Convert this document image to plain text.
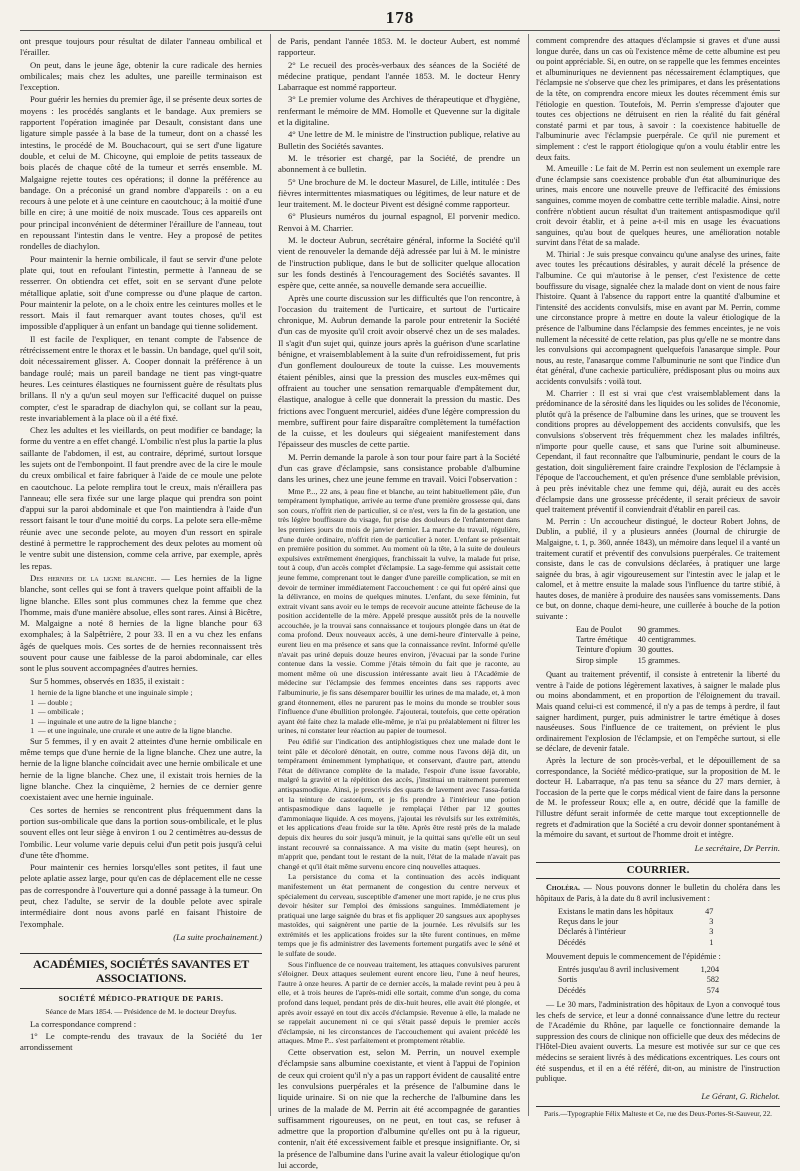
178

ont presque toujours pour résultat de dilater l'anneau ombilical et l'érailler.

On peut, dans le jeune âge, obtenir la cure radicale des hernies ombilicales; mais chez les adultes, une pareille terminaison est l'exception.

Pour guérir les hernies du premier âge, il se présente deux sortes de moyens : les procédés sanglants et le bandage. Aux premiers se rapportent l'opération imaginée par Desault, consistant dans une ligature simple passée à la base de la tumeur, dont on a chassé les intestins, le procédé de M. Bouchacourt, qui se sert d'une ligature double, et celui de M. Chicoyne, qui emploie de petits tasseaux de bois placés de chaque côté de la tumeur et serrés ensemble. M. Malgaigne rejette toutes ces opérations; il donne la préférence au bandage. On a préconisé un grand nombre d'appareils : on a eu recours à une pelote et à une ceinture en caoutchouc; à la moitié d'une bille en cire; à une moitié de noix muscade. Tous ces appareils ont pour principal inconvénient de déterminer l'éraillure de l'anneau, tout en repoussant l'intestin dans le ventre. Hey a proposé de petites rondelles de diachylon.

Pour maintenir la hernie ombilicale, il faut se servir d'une pelote plate qui, tout en refoulant l'intestin, permette à l'anneau de se resserrer. On obtiendra cet effet, soit en se servant d'une pelote métallique aplatie, soit d'une compresse ou d'une plaque de carton. Pour maintenir la pelote, on a le choix entre les ceintures molles et le ressort. Mais il faut remarquer avant toutes choses, qu'il est impossible d'appliquer à un enfant un bandage qui tienne solidement.

Il est facile de l'expliquer, en tenant compte de l'absence de rétrécissement entre le thorax et le bassin. Un bandage, quel qu'il soit, doit nécessairement glisser. A. Cooper donnait la préférence à un bandage roulé; mais un pareil bandage ne tient pas vingt-quatre heures. Les ceintures élastiques ne fournissent guère de résultats plus brillans. Il n'y a qu'un seul moyen sur l'efficacité duquel on puisse compter, c'est le sparadrap de diachylon qui, se collant sur la peau, reste invariablement à la place où il a été fixé.

Chez les adultes et les vieillards, on peut modifier ce bandage; la forme du ventre a en effet changé. L'ombilic n'est plus la partie la plus saillante de l'abdomen, il est, au contraire, déprimé, surtout lorsque les sujets ont de l'embonpoint. Il faut prendre avec de la cire le moule du creux ombilical et faire fabriquer à l'aide de ce moule une pelote en caoutchouc. La pelote remplira tout le creux, mais n'éraillera pas l'anneau; elle sera fixée sur une large plaque qui prendra son point d'appui sur la paroi abdominale et que l'on maintiendra à l'aide d'un ressort faisant le tour d'une moitié du corps. La pelote sera elle-même réunie avec une seconde pelote, au moyen d'un ressort en spirale destiné à permettre le rapprochement des deux pelotes au moment où le ventre subit une distension, comme cela arrive, par exemple, après les repas.

Des hernies de la ligne blanche. — Les hernies de la ligne blanche, sont celles qui se font à travers quelque point affaibli de la ligne blanche. Elles sont plus communes chez la femme que chez l'homme, mais d'une manière absolue, elles sont rares. Ainsi à Bicêtre, M. Malgaigne a noté 8 hernies de la ligne blanche pour 63 exomphales; à la Salpêtrière, 2 pour 33. Il en a vu chez les enfans âgés de quelques mois. Ces sortes de de hernies reconnaissent très souvent pour cause une faiblesse de la paroi abdominale, car elles sont le plus souvent accompagnées d'autres hernies.

Sur 5 hommes, observés en 1835, il existait :

1 hernie de la ligne blanche et une inguinale simple ;
1 — double ;
1 — ombilicale ;
1 — inguinale et une autre de la ligne blanche ;
1 — et une inguinale, une crurale et une autre de la ligne blanche.

Sur 5 femmes, il y en avait 2 atteintes d'une hernie ombilicale en même temps que d'une hernie de la ligne blanche. Chez une autre, la hernie de la ligne blanche coïncidait avec une hernie ombilicale et une hernie de la ligne blanche. Chez une, il existait trois hernies de la ligne blanche. Chez la cinquième, 2 hernies de ce dernier genre coexistaient avec une hernie inguinale.

Ces sortes de hernies se rencontrent plus fréquemment dans la portion sus-ombilicale que dans la portion sous-ombilicale, et le plus souvent elles ont leur siège à environ 1 ou 2 centimètres au-dessus de l'ombilic. Leur volume varie depuis celui d'un petit pois jusqu'à celui d'une tête d'homme.

Pour maintenir ces hernies lorsqu'elles sont petites, il faut une pelote aplatie assez large, pour qu'en cas de déplacement elle ne cesse pas de correspondre à l'ouverture qui a donné passage à la tumeur. On peut, chez l'adulte, se servir de la double pelote avec spirale intermédiaire dont nous avons parlé en faisant l'histoire de l'exomphale.

(La suite prochainement.)
ACADÉMIES, SOCIÉTÉS SAVANTES ET ASSOCIATIONS.
SOCIÉTÉ MÉDICO-PRATIQUE DE PARIS.
Séance de Mars 1854. — Présidence de M. le docteur Dreyfus.

La correspondance comprend :

1° Le compte-rendu des travaux de la Société du 1er arrondissement

de Paris, pendant l'année 1853. M. le docteur Aubert, est nommé rapporteur.

2° Le recueil des procès-verbaux des séances de la Société de médecine pratique, pendant l'année 1853. M. le docteur Henry Labarraque est nommé rapporteur.

3° Le premier volume des Archives de thérapeutique et d'hygiène, renfermant le mémoire de MM. Homolle et Quevenne sur la digitale et la digitaline.

4° Une lettre de M. le ministre de l'instruction publique, relative au Bulletin des Sociétés savantes.

M. le trésorier est chargé, par la Société, de prendre un abonnement à ce bulletin.

5° Une brochure de M. le docteur Masurel, de Lille, intitulée : Des fièvres intermittentes miasmatiques ou légitimes, de leur nature et de leur traitement. M. le docteur Pivent est désigné comme rapporteur.

6° Plusieurs numéros du journal espagnol, El porvenir medico. Renvoi à M. Charrier.

M. le docteur Aubrun, secrétaire général, informe la Société qu'il vient de renouveler la demande déjà adressée par lui à M. le ministre de l'instruction publique, dans le but de solliciter quelque allocation sur les fonds destinés à l'encouragement des Sociétés savantes. Il espère que, cette année, sa nouvelle demande sera accueillie.

Après une courte discussion sur les difficultés que l'on rencontre, à l'occasion du traitement de l'urticaire, et surtout de l'urticaire chronique, M. Aubrun demande la parole pour entretenir la Société d'un cas de myosite qu'il croit avoir observé chez un de ses malades. Il s'agit d'un sujet qui, quinze jours après la guérison d'une scarlatine bénigne, et vraisemblablement à la suite d'un refroidissement, fut pris d'un gonflement douloureux de toute la cuisse. Les mouvements étaient pénibles, ainsi que la pression des muscles eux-mêmes qui offraient au toucher une sensation remarquable d'empâtement dur, élastique, analogue à celle que donnerait la pression du mastic. Des frictions avec l'onguent mercuriel, aidées d'une légère compression du membre, suffirent pour faire disparaître complètement la tuméfaction de la cuisse, et les douleurs qui siégeaient manifestement dans l'épaisseur des muscles de cette partie.

M. Perrin demande la parole à son tour pour faire part à la Société d'un cas grave d'éclampsie, sans consistance probable d'albumine dans les urines, chez une jeune femme en travail. Voici l'observation :

Mme P..., 22 ans, à peau fine et blanche, au teint habituellement pâle, d'un tempérament lymphatique, arrivée au terme d'une première grossesse qui, dans son cours, n'offrit rien de particulier, si ce n'est, vers la fin de la gestation, une très légère bouffissure du visage, fut prise des douleurs de l'enfantement dans les premiers jours du mois de janvier dernier. La marche du travail, régulière, d'une durée ordinaire, n'offrit rien de particulier à noter. L'enfant se présentait en première position du sommet. Au moment où la tête, à la suite de douleurs expulsives extrêmement énergiques, franchissait la vulve, la malade fut prise, tout à coup, d'un accès complet d'éclampsie. La sage-femme qui assistait cette jeune femme, comprenant tout le danger d'une pareille complication, se mit en devoir de terminer immédiatement l'accouchement : ce qui fut opéré ainsi que la délivrance, en moins de quelques minutes. L'enfant, du sexe féminin, fut extrait vivant sans avoir eu le temps de recevoir aucune atteinte fâcheuse de la position accidentelle de la mère. Appelé presque aussitôt près de la nouvelle accouchée, je la trouvai sans connaissance et toujours plongée dans un état de coma profond. Deux nouveaux accès, à une demi-heure d'intervalle à peine, eurent lieu en ma présence et sans que la connaissance revînt. Informé qu'elle n'avait pas uriné depuis douze heures environ, j'évacuai par la sonde l'urine contenue dans la vessie. Comme j'étais témoin du fait que je raconte, au moment même où une discussion intéressante avait lieu à l'Académie de médecine sur l'éclampsie des femmes enceintes dans ses rapports avec l'albuminurie, je fis sans désemparer bouillir les urines de ma malade, et, à mon grand étonnement, elles ne parurent pas le moins du monde se troubler sous l'influence d'une ébullition prolongée. J'ajouterai, toutefois, que cette opération ayant été faite chez la malade elle-même, je n'ai pu préalablement ni filtrer les urines, ni constater leur réaction au papier de tournesol.

Peu édifié sur l'indication des antiphlogistiques chez une malade dont le teint pâle et décoloré dénotait, en outre, comme nous l'avons déjà dit, un tempérament éminemment lymphatique, et conservant, d'autre part, attendu l'état de délivrance complète de la malade, l'espoir d'une issue favorable, malgré la gravité et la répétition des accès, j'instituai un traitement purement antispasmodique. Ainsi, je prescrivis des quarts de lavement avec l'assa-fœtida et la teinture de castoréum, et je fis prendre à l'intérieur une potion antispasmodique dans laquelle je remplaçai l'éther par 12 gouttes d'ammoniaque liquide. A ces moyens, j'ajoutai les révulsifs sur les extrémités, et les applications d'eau froide sur la tête. Après être resté près de la malade depuis dix heures du soir jusqu'à minuit, je la quittai sans qu'elle eût un seul instant recouvré sa connaissance. A ma visite du matin (sept heures), on m'apprit que, pendant tout le restant de la nuit, l'état de la malade n'avait pas changé et qu'il était même survenu encore cinq nouvelles attaques.

La persistance du coma et la continuation des accès indiquant manifestement un état permanent de congestion du centre nerveux et spécialement du cerveau, susceptible d'amener une mort rapide, je ne crus plus devoir hésiter sur l'emploi des émissions sanguines. Immédiatement je pratiquai une large saignée du bras et fis appliquer 20 sangsues aux apophyses mastoïdes, qui saignèrent une partie de la journée. Les révulsifs sur les extrémités et les applications froides sur la tête furent continues, en même temps que je fis administrer des lavements fortement purgatifs avec le séné et le sulfate de soude.

Sous l'influence de ce nouveau traitement, les attaques convulsives parurent s'éloigner. Deux attaques seulement eurent encore lieu, l'une à neuf heures, l'autre à onze heures. A partir de ce dernier accès, la malade revint peu à peu à elle, et à trois heures de l'après-midi elle sortait, comme d'un songe, du coma profond dans lequel, pendant près de dix-huit heures, elle avait été plongée, et après avoir essayé en tout dix accès d'éclampsie. Revenue à elle, la malade ne se rappelait aucunement ni ce qui s'était passé depuis le premier accès d'éclampsie, ni les circonstances de l'accouchement qui avaient précédé les attaques. Mme P... s'est parfaitement et promptement rétablie.

Cette observation est, selon M. Perrin, un nouvel exemple d'éclampsie sans albumine coexistante, et vient à l'appui de l'opinion de ceux qui croient qu'il n'y a pas un rapport évident de causalité entre les convulsions puerpérales et la présence de l'albumine dans le liquide urinaire. Si on nie que la recherche de l'albumine dans les urines de la malade de M. Perrin ait été accompagnée de garanties suffisamment rigoureuses, on ne peut, en tout cas, se refuser à admettre que la proportion d'albumine qu'elles ont pu à la rigueur, contenir, n'ait été excessivement faible et presque insignifiante. Or, si la présence de l'albumine dans l'urine avait la valeur étiologique qu'on lui accorde,

comment comprendre des attaques d'éclampsie si graves et d'une aussi longue durée, dans un cas où l'existence même de cette albumine est peu ou point appréciable. Si, en outre, on se rappelle que les femmes enceintes et albuminuriques ne deviennent pas nécessairement éclamptiques, que l'éclampsie ne s'observe que chez les primipares, et dans les présentations de la tête, on comprendra encore mieux les doutes récemment émis sur l'étiologie en question. Toutefois, M. Perrin s'empresse d'ajouter que toutes ces objections ne détruisent en rien la réalité du fait général constaté parmi et par tous, à savoir : la coexistence habituelle de l'albuminurie avec l'éclampsie puerpérale. Ce qu'il nie purement et simplement : c'est le rapport étiologique qu'on a voulu établir entre les deux faits.

M. Ameuille : Le fait de M. Perrin est non seulement un exemple rare d'une éclampsie sans coexistence probable d'un état albuminurique des urines, mais encore une nouvelle preuve de l'efficacité des émissions sanguines, comme moyen de combattre cette terrible maladie. Ainsi, notre confrère n'obtient aucun résultat d'un traitement antispasmodique qu'il croit devoir établir, et à peine a-t-il mis en usage les évacuations sanguines, qu'au bout de quelques heures, une amélioration notable survint dans l'état de sa malade.

M. Thirial : Je suis presque convaincu qu'une analyse des urines, faite avec toutes les précautions désirables, y aurait décelé la présence de l'albumine. Ce qui m'autorise à le penser, c'est l'existence de cette bouffissure du visage, signalée chez la malade dont on vient de nous faire l'histoire. Quant à l'absence du rapport entre la quantité d'albumine et l'intensité des accidents convulsifs, mise en avant par M. Perrin, comme une circonstance propre à mettre en doute la valeur étiologique de la présence de l'albumine dans l'éclampsie des femmes enceintes, je ne vois nullement la nécessité de cette relation, pas plus qu'elle ne se montre dans les convulsions qui accompagnent quelquefois l'anasarque simple. Pour nous, au reste, l'anasarque comme l'albuminurie ne sont que l'indice d'un état général, d'une cachexie particulière, prédisposant plus ou moins aux accidents convulsifs : voilà tout.

M. Charrier : Il est si vrai que c'est vraisemblablement dans la prédominance de la sérosité dans les liquides ou les solides de l'économie, plutôt qu'à la présence de l'albumine dans les urines, que se trouvent les conditions propres au développement des accidents convulsifs, que les convulsions s'observent très fréquemment chez les malades infiltrés, n'importe pour quelle cause, et sans que l'urine soit albumineuse. Cependant, il faut reconnaître que l'albuminurie, pendant le cours de la gestation, doit singulièrement faire craindre l'explosion de l'éclampsie à l'époque de l'accouchement, et qu'en présence d'une semblable prévision, à peu près inévitable chez une femme qui, déjà, aurait eu des accès d'éclampsie dans une grossesse précédente, il serait précieux de savoir quel traitement préventif il conviendrait d'établir en pareil cas.

M. Perrin : Un accoucheur distingué, le docteur Robert Johns, de Dublin, a publié, il y a plusieurs années (Journal de chirurgie de Malgaigne, t. 1, p. 360, année 1843), un mémoire dans lequel il a vanté un traitement curatif et préventif des convulsions puerpérales. Ce traitement consiste, dans le cas de convulsions déclarées, à pratiquer une large saignée du bras, à agir vigoureusement sur l'intestin avec le jalap et le calomel, et à mettre ensuite la malade sous l'influence du tartre stibié, à hautes doses, de manière à produire des nausées sans vomissements. Dans ce but, on donne, chaque demi-heure, une cuillerée à bouche de la potion suivante :

Eau de Poulot	90 grammes.
Tartre émétique	40 centigrammes.
Teinture d'opium	30 gouttes.
Sirop simple	15 grammes.

Quant au traitement préventif, il consiste à entretenir la liberté du ventre à l'aide de potions légèrement laxatives, à saigner le malade plus ou moins abondamment, et en proportion de l'éloignement du travail. Mais quand celui-ci est commencé, il n'y a pas de temps à perdre, il faut saigner hardiment, purger, puis administrer le tartre émétique à doses nauséeuses. Sous l'influence de ce traitement, on prévient le plus ordinairement l'explosion de l'éclampsie, et on l'empêche surtout, si elle se déclare, de devenir fatale.

Après la lecture de son procès-verbal, et le dépouillement de sa correspondance, la Société médico-pratique, sur la proposition de M. le docteur H. Labarraque, n'a pas tenu sa séance du 27 mars dernier, à l'occasion de la perte que le corps médical vient de faire dans la personne de M. le professeur Roux; elle a, en outre, décidé que la famille de l'illustre défunt serait informée de cette marque tout exceptionnelle de regrets et d'admiration que la Société a cru devoir donner spontanément à la mémoire du savant, et surtout de l'homme droit et intègre.

Le secrétaire, Dr Perrin.
COURRIER.

Choléra. — Nous pouvons donner le bulletin du choléra dans les hôpitaux de Paris, à la date du 8 avril inclusivement :

Existans le matin dans les hôpitaux	47
Reçus dans le jour	3
Déclarés à l'intérieur	3
Décédés	1

Mouvement depuis le commencement de l'épidémie :

Entrés jusqu'au 8 avril inclusivement	1,204
Sortis	582
Décédés	574

— Le 30 mars, l'administration des hôpitaux de Lyon a convoqué tous les chefs de service, et leur a donné connaissance d'une lettre du recteur de l'Académie du Rhône, par laquelle ce fonctionnaire demande la suppression des cours de clinique non officielle que deux des médecins de l'Hôtel-Dieu avaient ouverts. La mesure est motivée sur sur ce que ces médecins se seraient livrés à des médications excentriques. Les cours ont été suspendus, et il en a été référé, dit-on, au ministre de l'instruction publique.

Le Gérant, G. Richelot.
Paris.—Typographie Félix Malteste et Ce, rue des Deux-Portes-St-Sauveur, 22.
